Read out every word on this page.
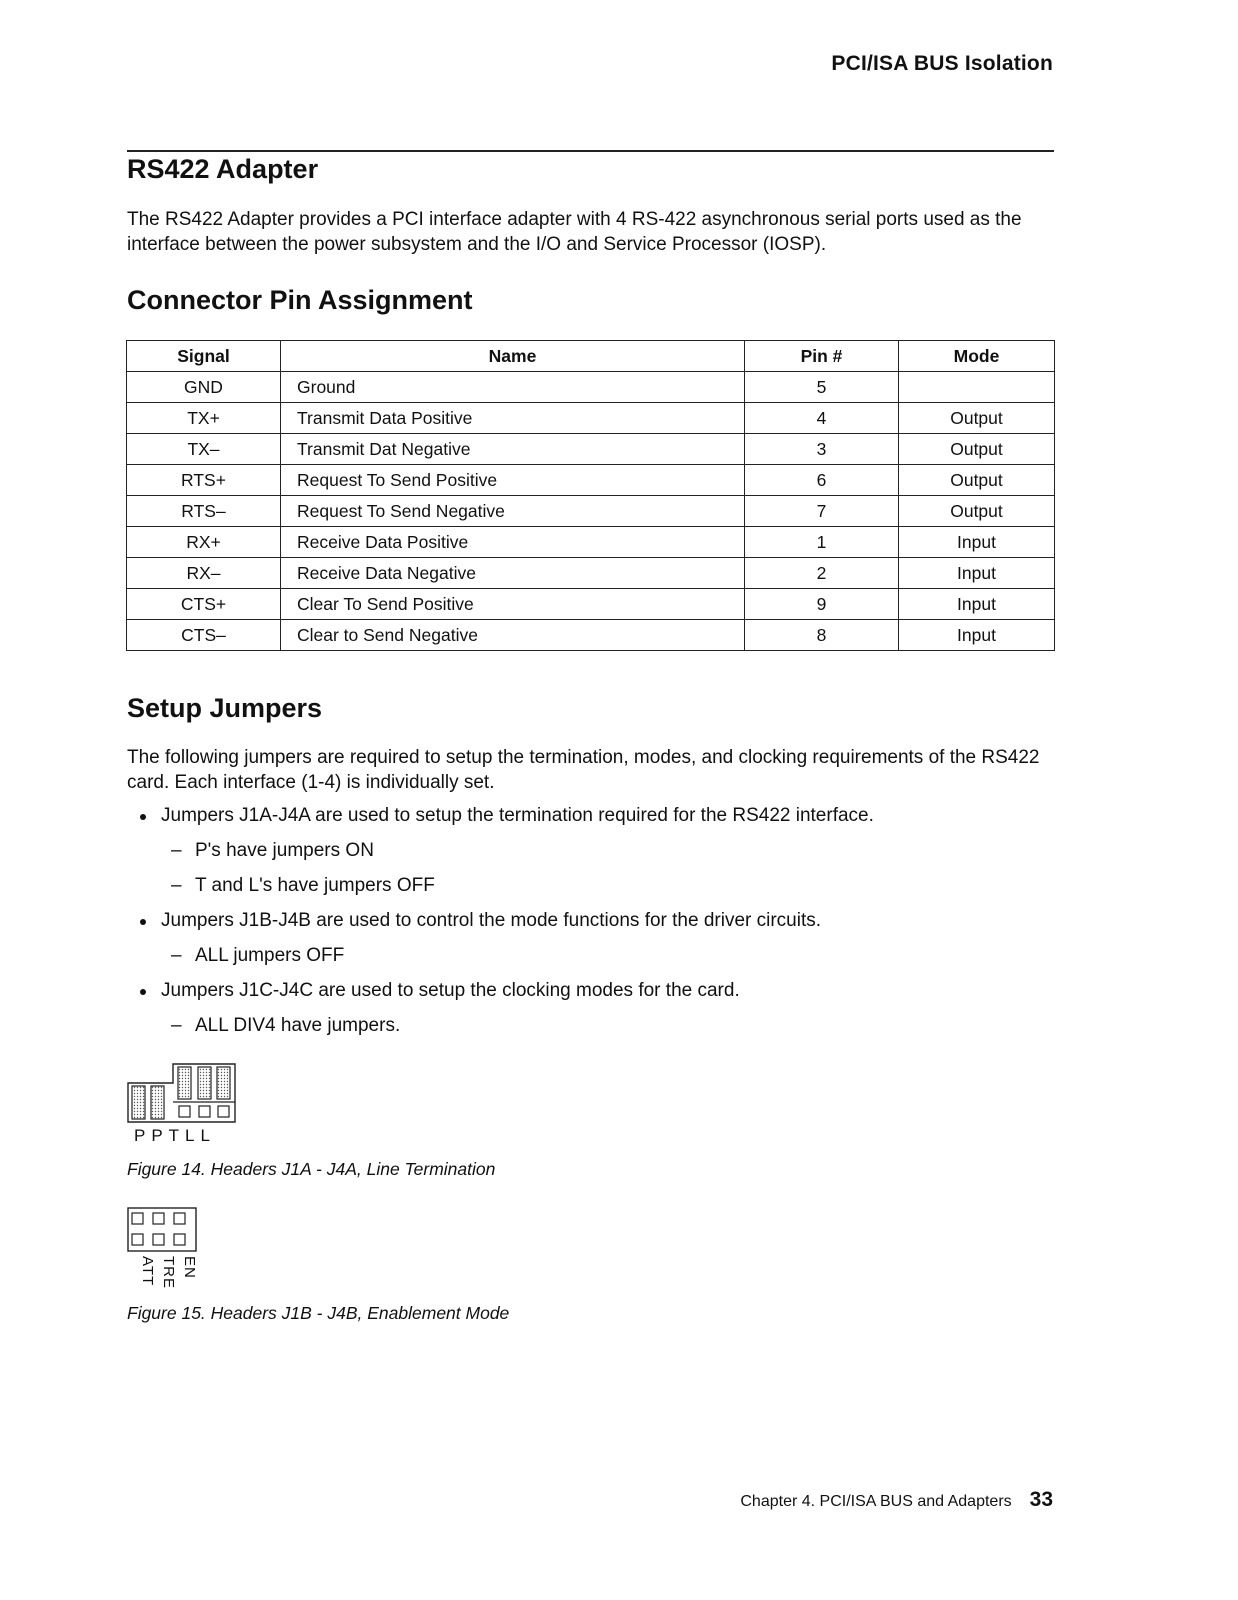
PCI/ISA BUS Isolation
RS422 Adapter

The RS422 Adapter provides a PCI interface adapter with 4 RS-422 asynchronous serial ports used as the interface between the power subsystem and the I/O and Service Processor (IOSP).

Connector Pin Assignment
Signal	Name	Pin #	Mode
GND	Ground	5	
TX+	Transmit Data Positive	4	Output
TX–	Transmit Dat Negative	3	Output
RTS+	Request To Send Positive	6	Output
RTS–	Request To Send Negative	7	Output
RX+	Receive Data Positive	1	Input
RX–	Receive Data Negative	2	Input
CTS+	Clear To Send Positive	9	Input
CTS–	Clear to Send Negative	8	Input
Setup Jumpers

The following jumpers are required to setup the termination, modes, and clocking requirements of the RS422 card. Each interface (1-4) is individually set.

Jumpers J1A-J4A are used to setup the termination required for the RS422 interface.
– P's have jumpers ON
– T and L's have jumpers OFF
Jumpers J1B-J4B are used to control the mode functions for the driver circuits.
– ALL jumpers OFF
Jumpers J1C-J4C are used to setup the clocking modes for the card.
– ALL DIV4 have jumpers.
PPTLL
Figure 14. Headers J1A - J4A, Line Termination
ATT TRE EN
Figure 15. Headers J1B - J4B, Enablement Mode
Chapter 4. PCI/ISA BUS and Adapters 33
